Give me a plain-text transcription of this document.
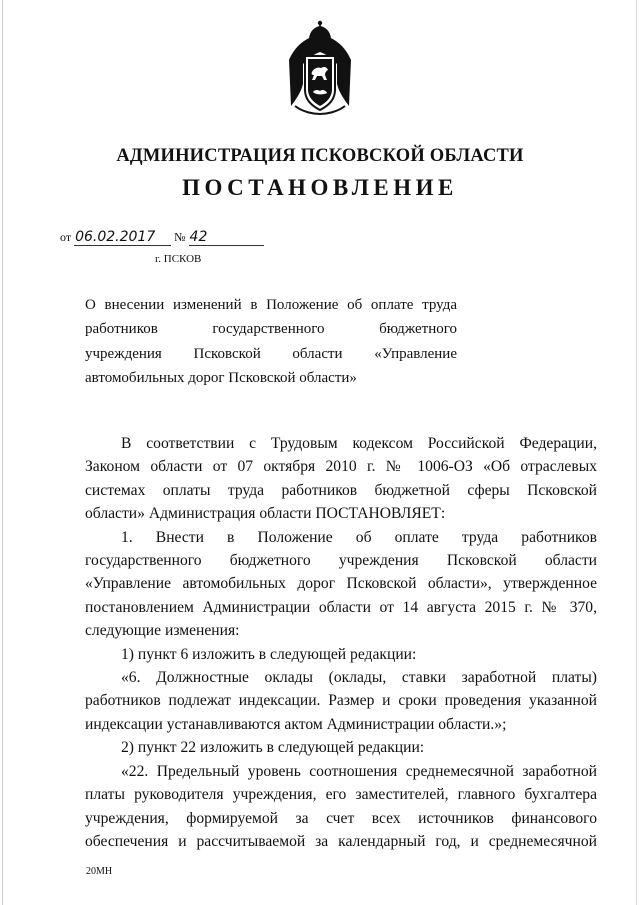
АДМИНИСТРАЦИЯ ПСКОВСКОЙ ОБЛАСТИ
ПОСТАНОВЛЕНИЕ
от 06.02.2017 № 42
г. ПСКОВ
О внесении изменений в Положение об оплате труда
работников государственного бюджетного
учреждения Псковской области «Управление
автомобильных дорог Псковской области»
В соответствии с Трудовым кодексом Российской Федерации,
Законом области от 07 октября 2010 г. № 1006-ОЗ «Об отраслевых
системах оплаты труда работников бюджетной сферы Псковской
области» Администрация области ПОСТАНОВЛЯЕТ:
1. Внести в Положение об оплате труда работников
государственного бюджетного учреждения Псковской области
«Управление автомобильных дорог Псковской области», утвержденное
постановлением Администрации области от 14 августа 2015 г. № 370,
следующие изменения:
1) пункт 6 изложить в следующей редакции:
«6. Должностные оклады (оклады, ставки заработной платы)
работников подлежат индексации. Размер и сроки проведения указанной
индексации устанавливаются актом Администрации области.»;
2) пункт 22 изложить в следующей редакции:
«22. Предельный уровень соотношения среднемесячной заработной
платы руководителя учреждения, его заместителей, главного бухгалтера
учреждения, формируемой за счет всех источников финансового
обеспечения и рассчитываемой за календарный год, и среднемесячной
20МН
